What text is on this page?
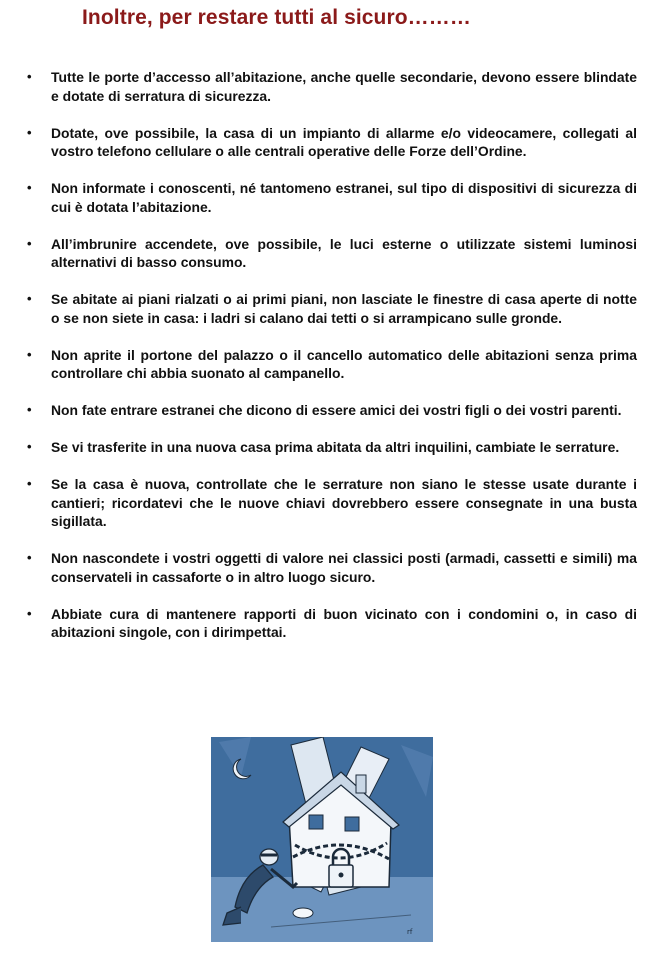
Inoltre, per restare tutti al sicuro………
• Tutte le porte d’accesso all’abitazione, anche quelle secondarie, devono essere blindate e dotate di serratura di sicurezza.
• Dotate, ove possibile, la casa di un impianto di allarme e/o videocamere, collegati al vostro telefono cellulare o alle centrali operative delle Forze dell’Ordine.
• Non informate i conoscenti, né tantomeno estranei, sul tipo di dispositivi di sicurezza di cui è dotata l’abitazione.
• All’imbrunire accendete, ove possibile, le luci esterne o utilizzate sistemi luminosi alternativi di basso consumo.
• Se abitate ai piani rialzati o ai primi piani, non lasciate le finestre di casa aperte di notte o se non siete in casa: i ladri si calano dai tetti o si arrampicano sulle gronde.
• Non aprite il portone del palazzo o il cancello automatico delle abitazioni senza prima controllare chi abbia suonato al campanello.
• Non fate entrare estranei che dicono di essere amici dei vostri figli o dei vostri parenti.
• Se vi trasferite in una nuova casa prima abitata da altri inquilini, cambiate le serrature.
• Se la casa è nuova, controllate che le serrature non siano le stesse usate durante i cantieri; ricordatevi che le nuove chiavi dovrebbero essere consegnate in una busta sigillata.
• Non nascondete i vostri oggetti di valore nei classici posti (armadi, cassetti e simili) ma conservateli in cassaforte o in altro luogo sicuro.
• Abbiate cura di mantenere rapporti di buon vicinato con i condomini o, in caso di abitazioni singole, con i dirimpettai.
rf
